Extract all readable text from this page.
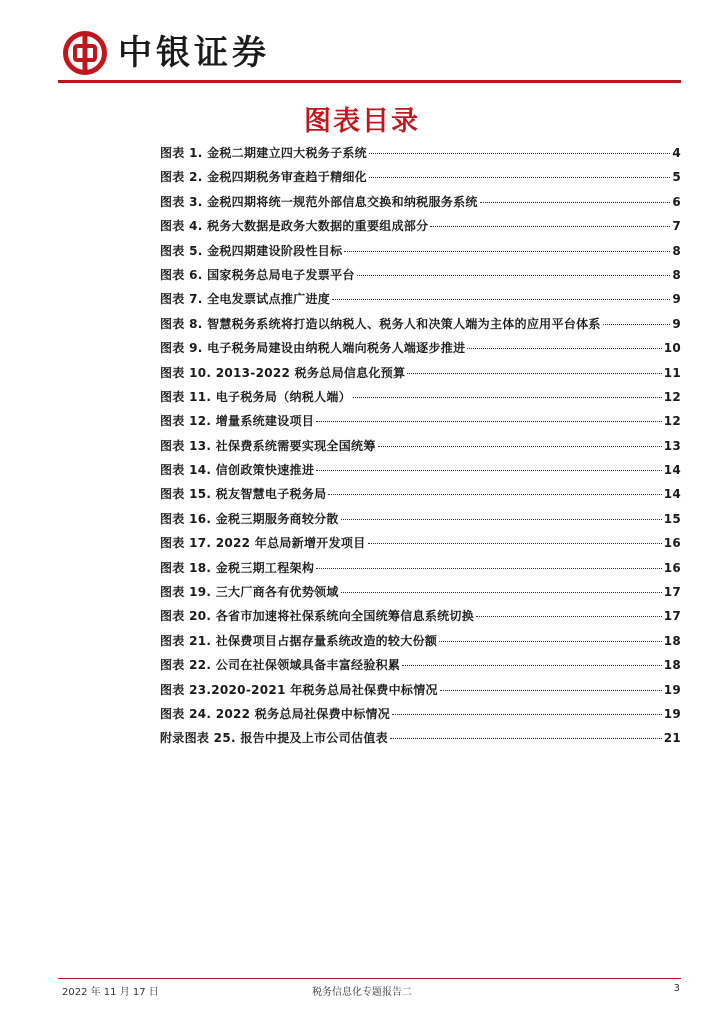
中银证券
图表目录
图表 1. 金税二期建立四大税务子系统	4
图表 2. 金税四期税务审查趋于精细化	5
图表 3. 金税四期将统一规范外部信息交换和纳税服务系统	6
图表 4. 税务大数据是政务大数据的重要组成部分	7
图表 5. 金税四期建设阶段性目标	8
图表 6. 国家税务总局电子发票平台	8
图表 7. 全电发票试点推广进度	9
图表 8. 智慧税务系统将打造以纳税人、税务人和决策人端为主体的应用平台体系	9
图表 9. 电子税务局建设由纳税人端向税务人端逐步推进	10
图表 10. 2013-2022 税务总局信息化预算	11
图表 11. 电子税务局（纳税人端）	12
图表 12. 增量系统建设项目	12
图表 13. 社保费系统需要实现全国统筹	13
图表 14. 信创政策快速推进	14
图表 15. 税友智慧电子税务局	14
图表 16. 金税三期服务商较分散	15
图表 17. 2022 年总局新增开发项目	16
图表 18. 金税三期工程架构	16
图表 19. 三大厂商各有优势领域	17
图表 20. 各省市加速将社保系统向全国统筹信息系统切换	17
图表 21. 社保费项目占据存量系统改造的较大份额	18
图表 22. 公司在社保领域具备丰富经验积累	18
图表 23.2020-2021 年税务总局社保费中标情况	19
图表 24. 2022 税务总局社保费中标情况	19
附录图表 25. 报告中提及上市公司估值表	21
2022 年 11 月 17 日	税务信息化专题报告二	3
